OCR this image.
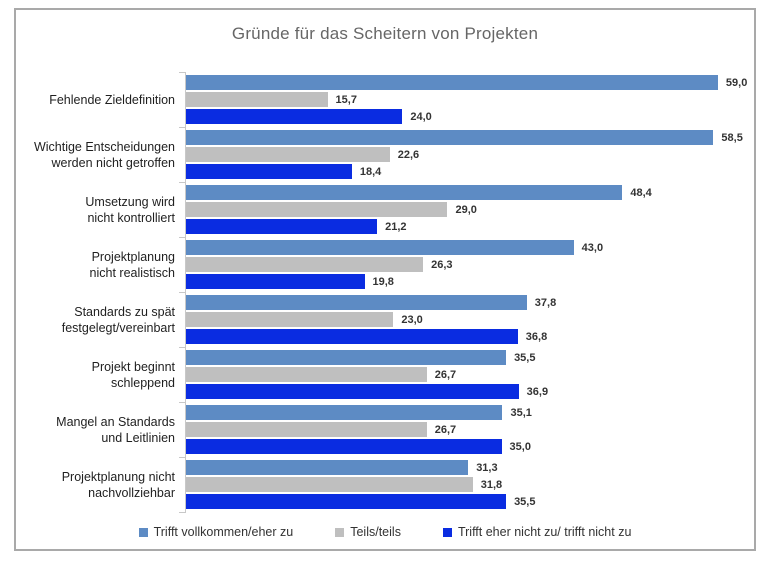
Gründe für das Scheitern von Projekten
Fehlende Zieldefinition
59,0
15,7
24,0
Wichtige Entscheidungen
werden nicht getroffen
58,5
22,6
18,4
Umsetzung wird
nicht kontrolliert
48,4
29,0
21,2
Projektplanung
nicht realistisch
43,0
26,3
19,8
Standards zu spät
festgelegt/vereinbart
37,8
23,0
36,8
Projekt beginnt
schleppend
35,5
26,7
36,9
Mangel an Standards
und Leitlinien
35,1
26,7
35,0
Projektplanung nicht
nachvollziehbar
31,3
31,8
35,5
Trifft vollkommen/eher zu	Teils/teils	Trifft eher nicht zu/ trifft nicht zu
